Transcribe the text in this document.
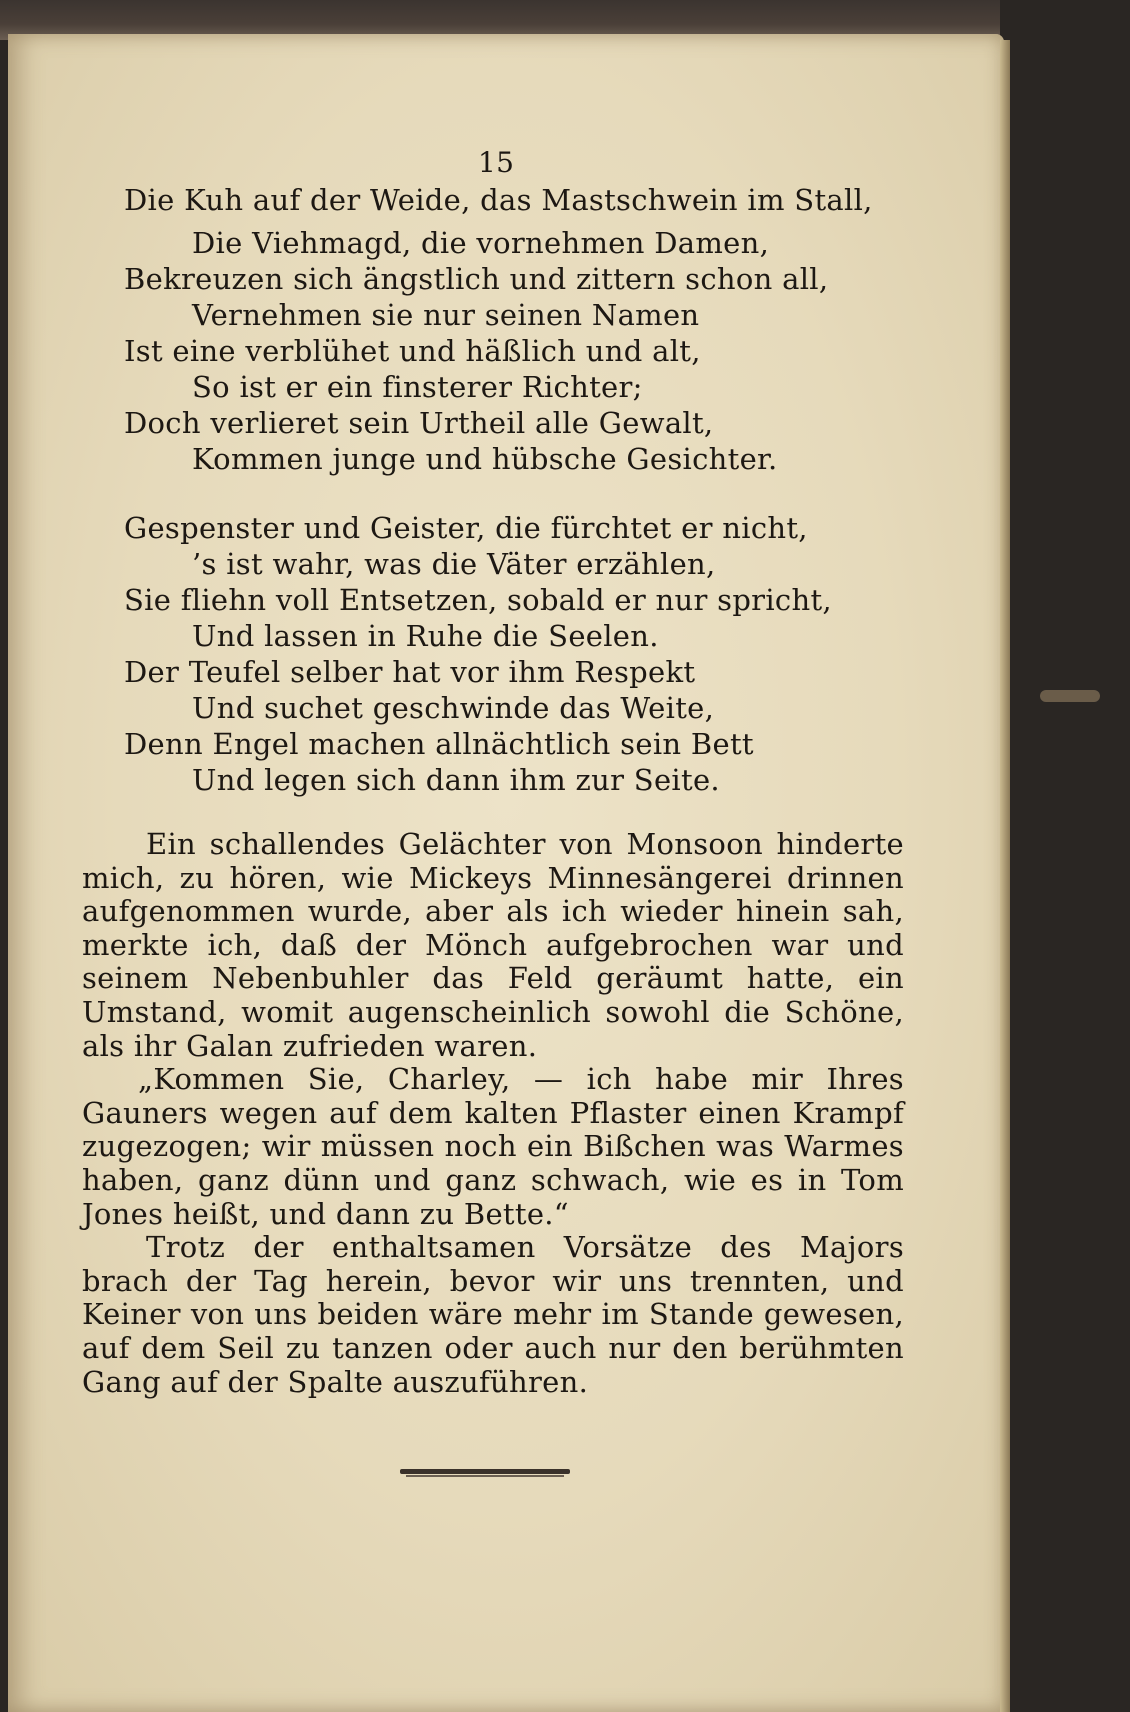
15
Die Kuh auf der Weide, das Mastschwein im Stall,
Die Viehmagd, die vornehmen Damen,
Bekreuzen sich ängstlich und zittern schon all,
Vernehmen sie nur seinen Namen
Ist eine verblühet und häßlich und alt,
So ist er ein finsterer Richter;
Doch verlieret sein Urtheil alle Gewalt,
Kommen junge und hübsche Gesichter.
Gespenster und Geister, die fürchtet er nicht,
’s ist wahr, was die Väter erzählen,
Sie fliehn voll Entsetzen, sobald er nur spricht,
Und lassen in Ruhe die Seelen.
Der Teufel selber hat vor ihm Respekt
Und suchet geschwinde das Weite,
Denn Engel machen allnächtlich sein Bett
Und legen sich dann ihm zur Seite.

Ein schallendes Gelächter von Monsoon hinderte mich, zu hören, wie Mickeys Minnesängerei drinnen aufgenommen wurde, aber als ich wieder hinein sah, merkte ich, daß der Mönch aufgebrochen war und seinem Nebenbuhler das Feld geräumt hatte, ein Umstand, womit augenscheinlich sowohl die Schöne, als ihr Galan zufrieden waren.

„Kommen Sie, Charley, — ich habe mir Ihres Gauners wegen auf dem kalten Pflaster einen Krampf zugezogen; wir müssen noch ein Bißchen was Warmes haben, ganz dünn und ganz schwach, wie es in Tom Jones heißt, und dann zu Bette.“

Trotz der enthaltsamen Vorsätze des Majors brach der Tag herein, bevor wir uns trennten, und Keiner von uns beiden wäre mehr im Stande gewesen, auf dem Seil zu tanzen oder auch nur den berühmten Gang auf der Spalte auszuführen.
